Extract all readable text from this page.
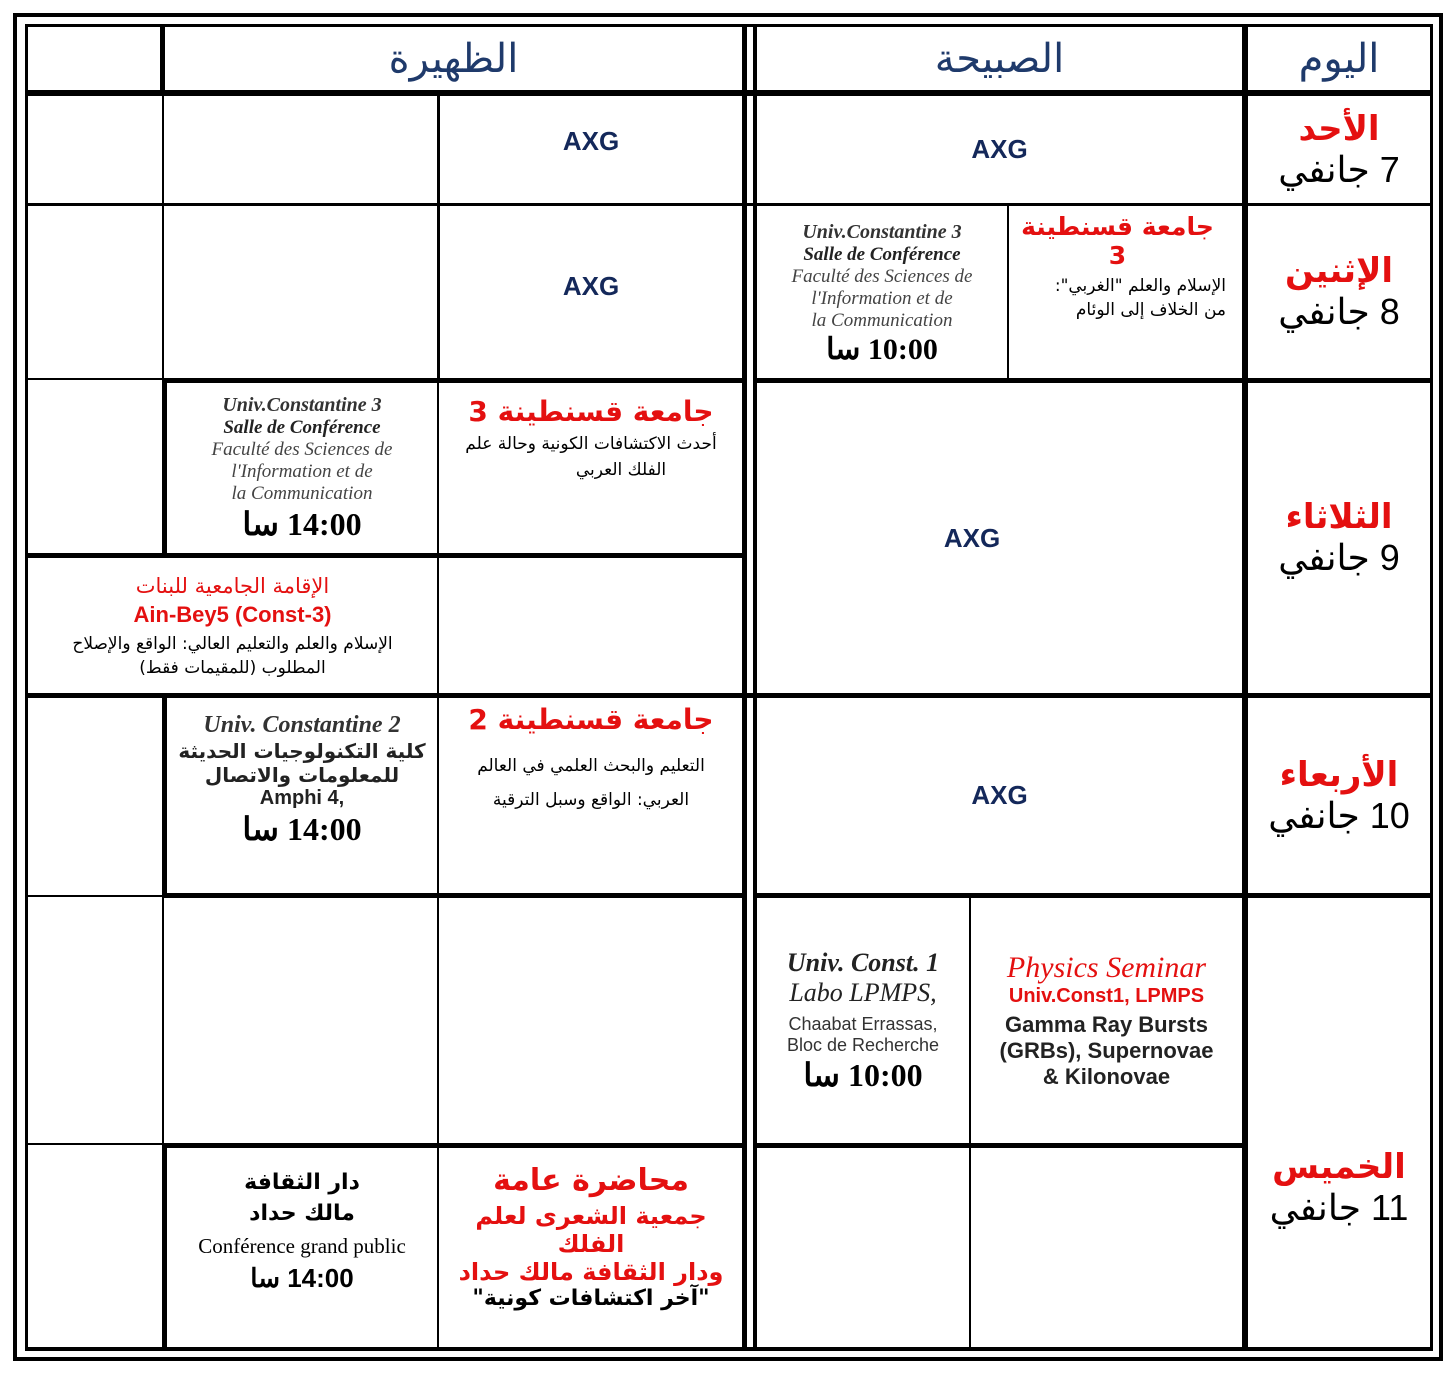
اليوم
الصبيحة
الظهيرة
الأحد
7 جانفي
AXG
AXG
الإثنين
8 جانفي
جامعة قسنطينة 3
الإسلام والعلم "الغربي":
من الخلاف إلى الوئام
Univ.Constantine 3
Salle de Conférence
Faculté des Sciences de
l'Information et de
la Communication
10:00 سا
AXG
الثلاثاء
9 جانفي
AXG
جامعة قسنطينة 3
أحدث الاكتشافات الكونية وحالة علم
الفلك العربي
Univ.Constantine 3
Salle de Conférence
Faculté des Sciences de
l'Information et de
la Communication
14:00 سا
الإقامة الجامعية للبنات
Ain-Bey5 (Const-3)
الإسلام والعلم والتعليم العالي: الواقع والإصلاح
المطلوب (للمقيمات فقط)
الأربعاء
10 جانفي
AXG
جامعة قسنطينة 2
التعليم والبحث العلمي في العالم
العربي: الواقع وسبل الترقية
Univ. Constantine 2
كلية التكنولوجيات الحديثة
للمعلومات والاتصال
Amphi 4,
14:00 سا
الخميس
11 جانفي
Physics Seminar
Univ.Const1, LPMPS
Gamma Ray Bursts
(GRBs), Supernovae
& Kilonovae
Univ. Const. 1
Labo LPMPS,
Chaabat Errassas,
Bloc de Recherche
10:00 سا
محاضرة عامة
جمعية الشعرى لعلم الفلك
ودار الثقافة مالك حداد
"آخر اكتشافات كونية"
دار الثقافة
مالك حداد
Conférence grand public
14:00 سا
